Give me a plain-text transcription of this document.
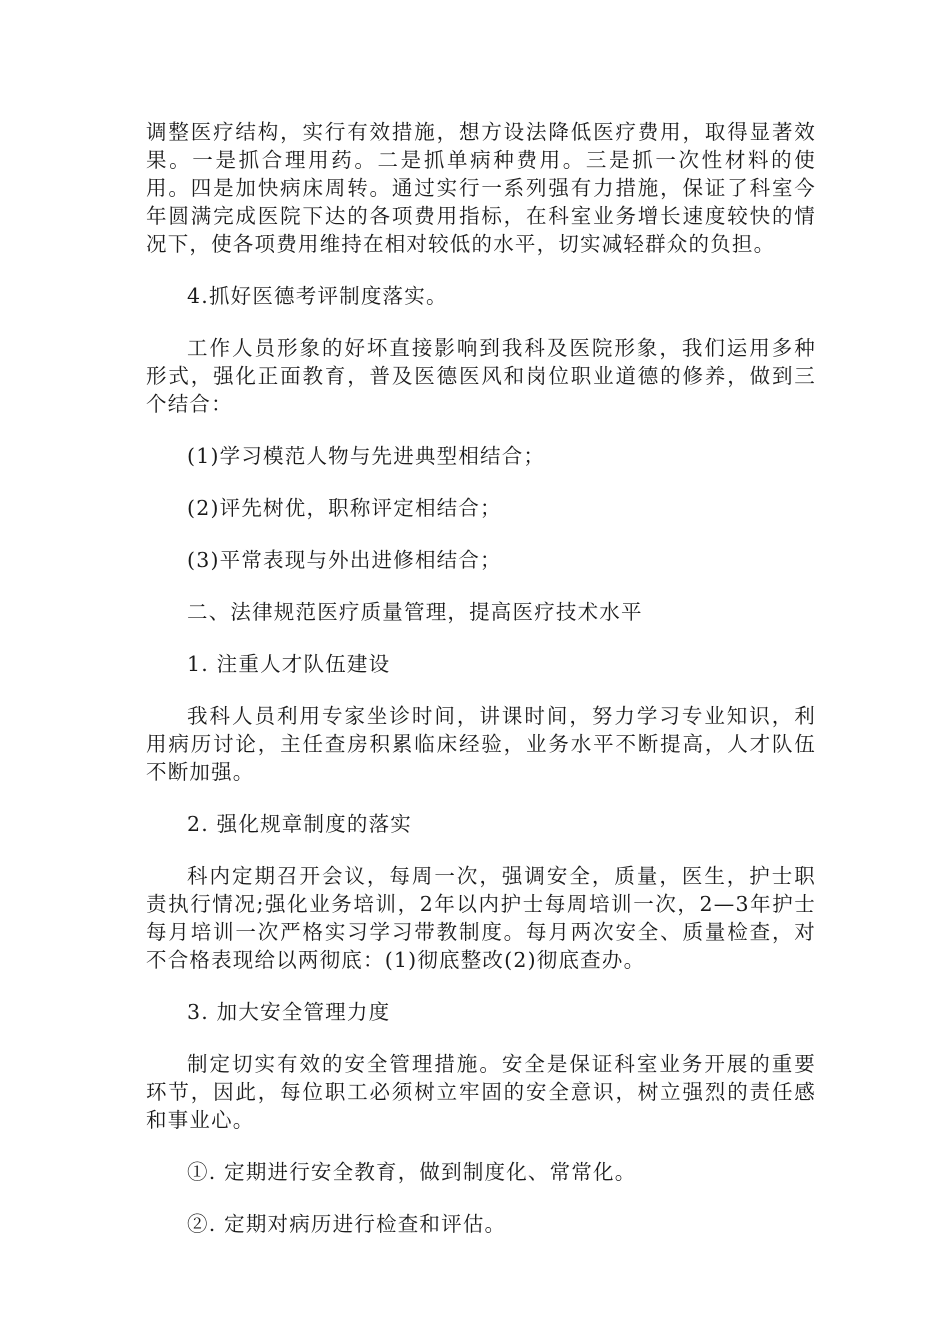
调整医疗结构，实行有效措施，想方设法降低医疗费用，取得显著效果。一是抓合理用药。二是抓单病种费用。三是抓一次性材料的使用。四是加快病床周转。通过实行一系列强有力措施，保证了科室今年圆满完成医院下达的各项费用指标，在科室业务增长速度较快的情况下，使各项费用维持在相对较低的水平，切实减轻群众的负担。

4.抓好医德考评制度落实。

工作人员形象的好坏直接影响到我科及医院形象，我们运用多种形式，强化正面教育，普及医德医风和岗位职业道德的修养，做到三个结合：

(1)学习模范人物与先进典型相结合；

(2)评先树优，职称评定相结合；

(3)平常表现与外出进修相结合；

二、法律规范医疗质量管理，提高医疗技术水平

1. 注重人才队伍建设

我科人员利用专家坐诊时间，讲课时间，努力学习专业知识，利用病历讨论，主任查房积累临床经验，业务水平不断提高，人才队伍不断加强。

2. 强化规章制度的落实

科内定期召开会议，每周一次，强调安全，质量，医生，护士职责执行情况;强化业务培训，2年以内护士每周培训一次，2—3年护士每月培训一次严格实习学习带教制度。每月两次安全、质量检查，对不合格表现给以两彻底：(1)彻底整改(2)彻底查办。

3. 加大安全管理力度

制定切实有效的安全管理措施。安全是保证科室业务开展的重要环节，因此，每位职工必须树立牢固的安全意识，树立强烈的责任感和事业心。

①. 定期进行安全教育，做到制度化、常常化。

②. 定期对病历进行检查和评估。
